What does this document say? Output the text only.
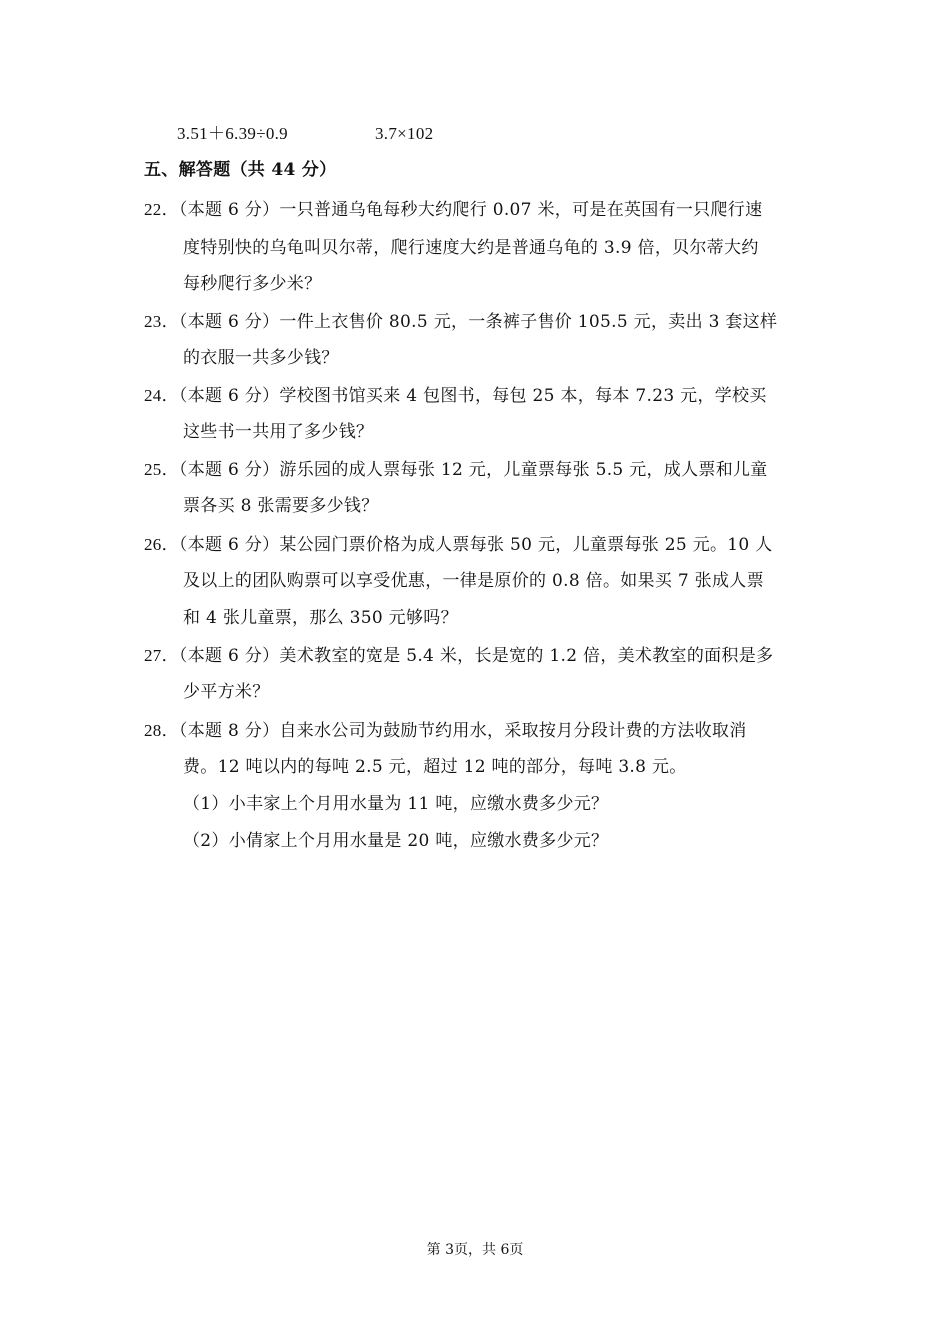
3.51＋6.39÷0.9	3.7×102
五、解答题（共 44 分）
22．（本题 6 分）一只普通乌龟每秒大约爬行 0.07 米，可是在英国有一只爬行速
度特别快的乌龟叫贝尔蒂，爬行速度大约是普通乌龟的 3.9 倍，贝尔蒂大约
每秒爬行多少米？
23．（本题 6 分）一件上衣售价 80.5 元，一条裤子售价 105.5 元，卖出 3 套这样
的衣服一共多少钱？
24．（本题 6 分）学校图书馆买来 4 包图书，每包 25 本，每本 7.23 元，学校买
这些书一共用了多少钱？
25．（本题 6 分）游乐园的成人票每张 12 元，儿童票每张 5.5 元，成人票和儿童
票各买 8 张需要多少钱？
26．（本题 6 分）某公园门票价格为成人票每张 50 元，儿童票每张 25 元。10 人
及以上的团队购票可以享受优惠，一律是原价的 0.8 倍。如果买 7 张成人票
和 4 张儿童票，那么 350 元够吗？
27．（本题 6 分）美术教室的宽是 5.4 米，长是宽的 1.2 倍，美术教室的面积是多
少平方米？
28．（本题 8 分）自来水公司为鼓励节约用水，采取按月分段计费的方法收取消
费。12 吨以内的每吨 2.5 元，超过 12 吨的部分，每吨 3.8 元。
（1）小丰家上个月用水量为 11 吨，应缴水费多少元？
（2）小倩家上个月用水量是 20 吨，应缴水费多少元？
第 3页，共 6页
